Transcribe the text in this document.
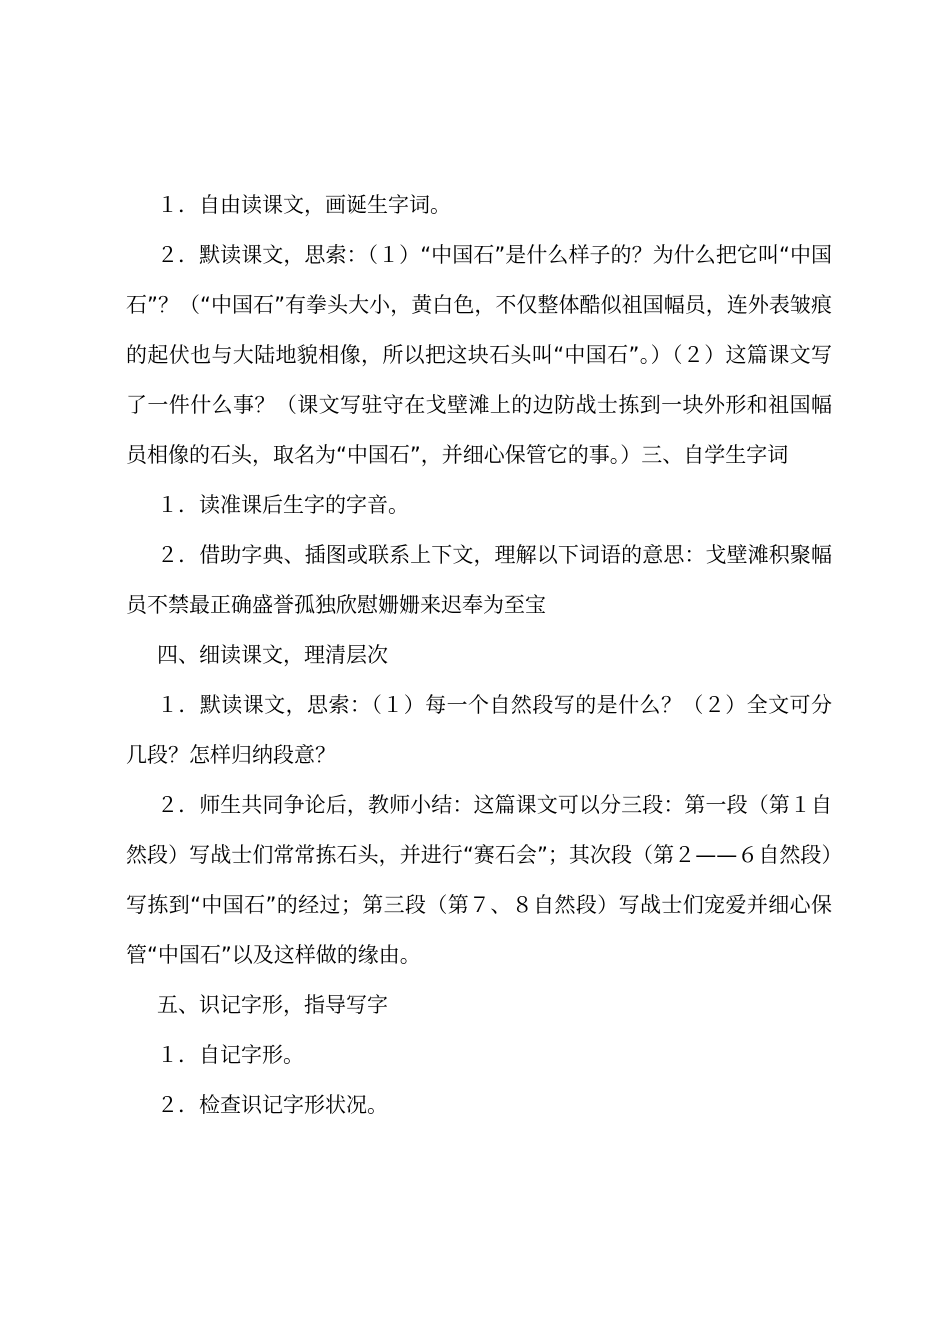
１．自由读课文，画诞生字词。

２．默读课文，思索：（１）“中国石”是什么样子的？为什么把它叫“中国石”？（“中国石”有拳头大小，黄白色，不仅整体酷似祖国幅员，连外表皱痕的起伏也与大陆地貌相像，所以把这块石头叫“中国石”。）（２）这篇课文写了一件什么事？（课文写驻守在戈壁滩上的边防战士拣到一块外形和祖国幅员相像的石头，取名为“中国石”，并细心保管它的事。）三、自学生字词

１．读准课后生字的字音。

２．借助字典、插图或联系上下文，理解以下词语的意思：戈壁滩积聚幅员不禁最正确盛誉孤独欣慰姗姗来迟奉为至宝

四、细读课文，理清层次

１．默读课文，思索：（１）每一个自然段写的是什么？（２）全文可分几段？怎样归纳段意？

２．师生共同争论后，教师小结：这篇课文可以分三段：第一段（第１自然段）写战士们常常拣石头，并进行“赛石会”；其次段（第２——６自然段）写拣到“中国石”的经过；第三段（第７、８自然段）写战士们宠爱并细心保管“中国石”以及这样做的缘由。

五、识记字形，指导写字

１．自记字形。

２．检查识记字形状况。
